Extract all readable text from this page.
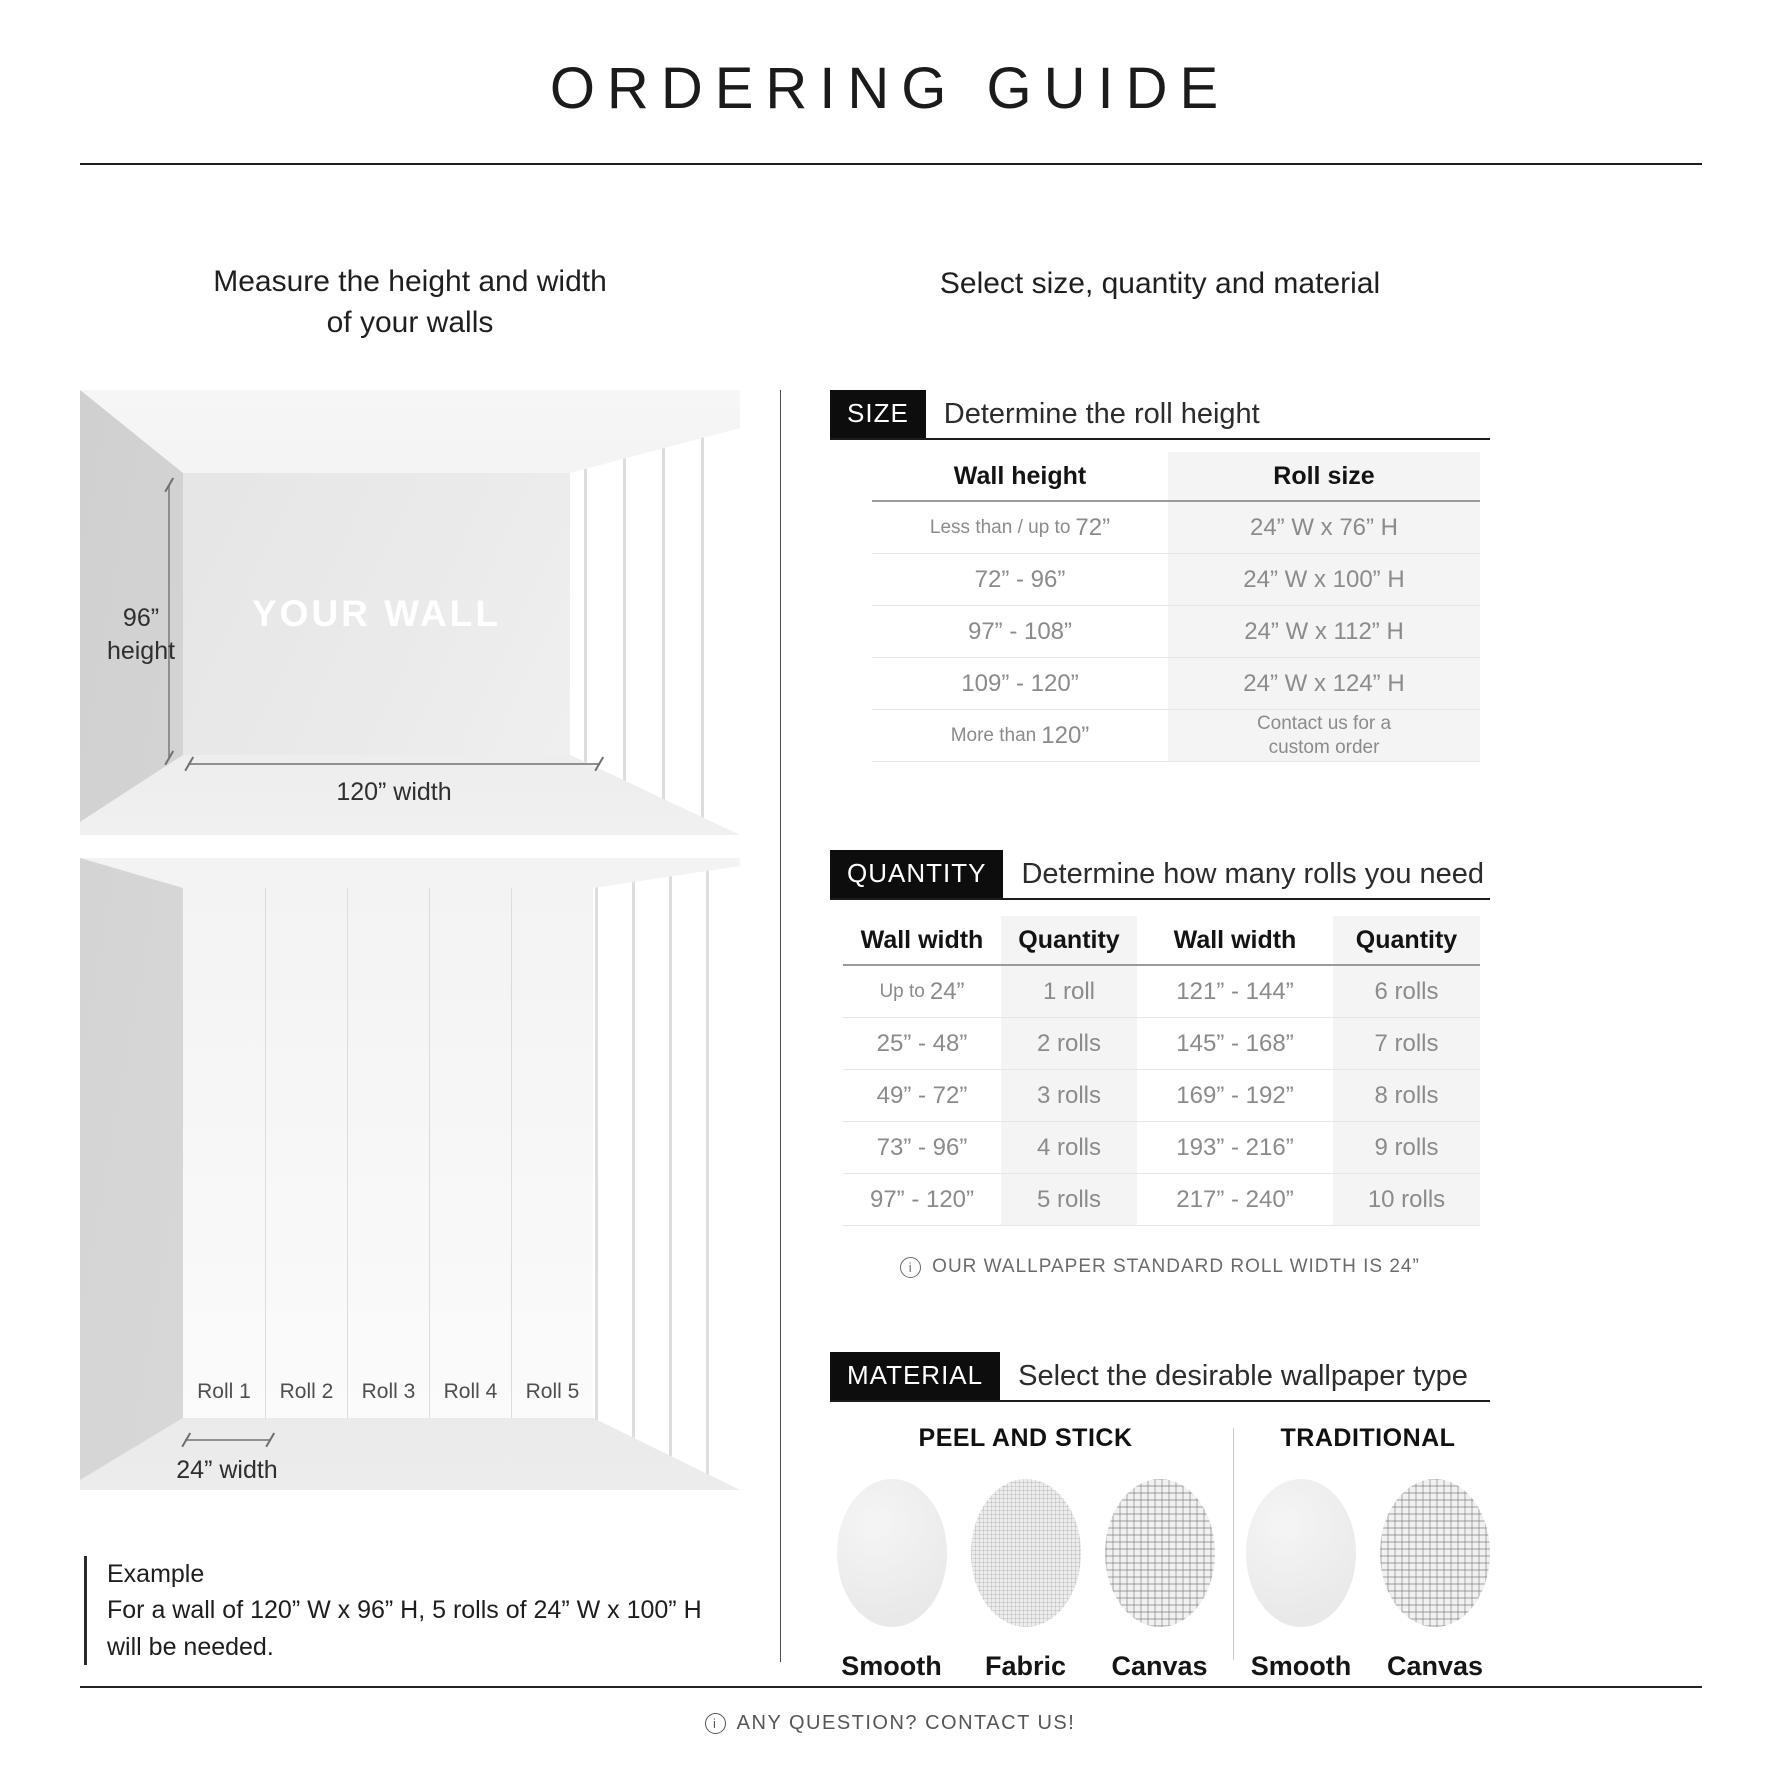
ORDERING GUIDE
Measure the height and width
of your walls
Select size, quantity and material
YOUR WALL
96”
height
120” width
Roll 1	Roll 2	Roll 3	Roll 4	Roll 5
24” width
Example
For a wall of 120” W x 96” H, 5 rolls of 24” W x 100” H
will be needed.
SIZE	Determine the roll height
Wall height	Roll size
Less than / up to 72”	24” W x 76” H
72” - 96”	24” W x 100” H
97” - 108”	24” W x 112” H
109” - 120”	24” W x 124” H
More than 120”	Contact us for a
custom order
QUANTITY	Determine how many rolls you need
Wall width	Quantity	Wall width	Quantity
Up to 24”	1 roll	121” - 144”	6 rolls
25” - 48”	2 rolls	145” - 168”	7 rolls
49” - 72”	3 rolls	169” - 192”	8 rolls
73” - 96”	4 rolls	193” - 216”	9 rolls
97” - 120”	5 rolls	217” - 240”	10 rolls
i	OUR WALLPAPER STANDARD ROLL WIDTH IS 24”
MATERIAL	Select the desirable wallpaper type
PEEL AND STICK
Smooth Fabric Canvas
TRADITIONAL
Smooth Canvas
i ANY QUESTION? CONTACT US!
